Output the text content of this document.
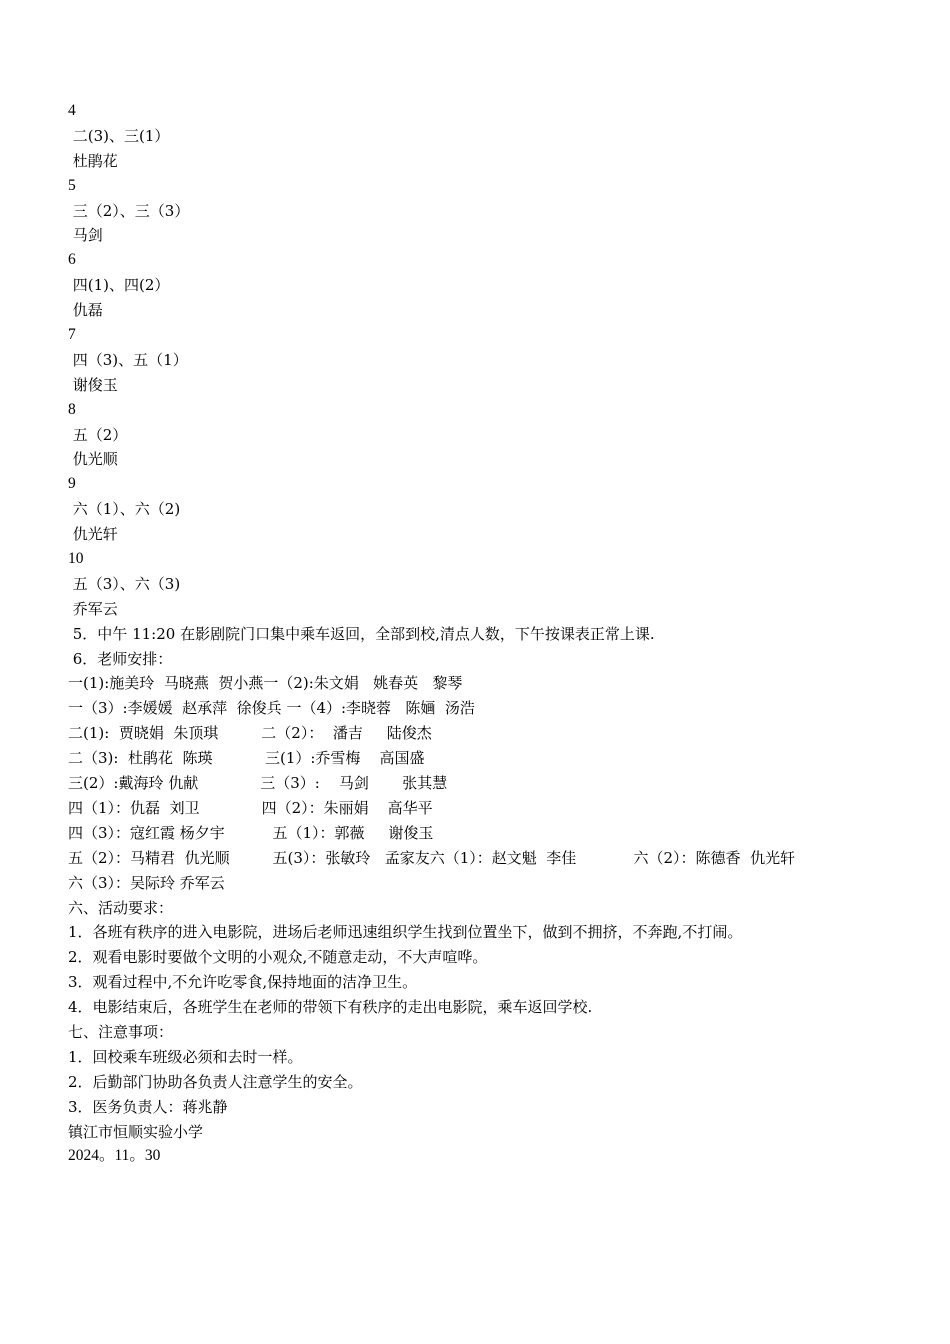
4
二(3)、三(1）
杜鹃花
5
三（2）、三（3）
马剑
6
四(1)、四(2）
仇磊
7
四（3)、五（1）
谢俊玉
8
五（2）
仇光顺
9
六（1）、六（2)
仇光轩
10
五（3）、六（3)
乔军云
5．中午 11:20 在影剧院门口集中乘车返回，全部到校,清点人数，下午按课表正常上课.
6．老师安排：
一(1):施美玲  马晓燕  贺小燕一（2):朱文娟   姚春英   黎琴
一（3）:李媛媛  赵承萍  徐俊兵 一（4）:李晓蓉   陈婳  汤浩
二(1):  贾晓娟  朱顶琪         二（2）：  潘吉     陆俊杰
二（3):  杜鹃花  陈瑛           三(1）:乔雪梅    高国盛
三(2）:戴海玲 仇献             三（3）:    马剑       张其慧
四（1）：仇磊  刘卫             四（2）：朱丽娟    高华平
四（3）：寇红霞 杨夕宇          五（1）：郭薇     谢俊玉
五（2）：马精君  仇光顺         五(3）：张敏玲   孟家友六（1）：赵文魁  李佳            六（2）：陈德香  仇光轩
六（3）：吴际玲 乔军云
六、活动要求：
1．各班有秩序的进入电影院，进场后老师迅速组织学生找到位置坐下，做到不拥挤，不奔跑,不打闹。
2．观看电影时要做个文明的小观众,不随意走动，不大声喧哗。
3．观看过程中,不允许吃零食,保持地面的洁净卫生。
4．电影结束后，各班学生在老师的带领下有秩序的走出电影院，乘车返回学校.
七、注意事项：
1．回校乘车班级必须和去时一样。
2．后勤部门协助各负责人注意学生的安全。
3．医务负责人：蒋兆静
镇江市恒顺实验小学
2024。11。30
